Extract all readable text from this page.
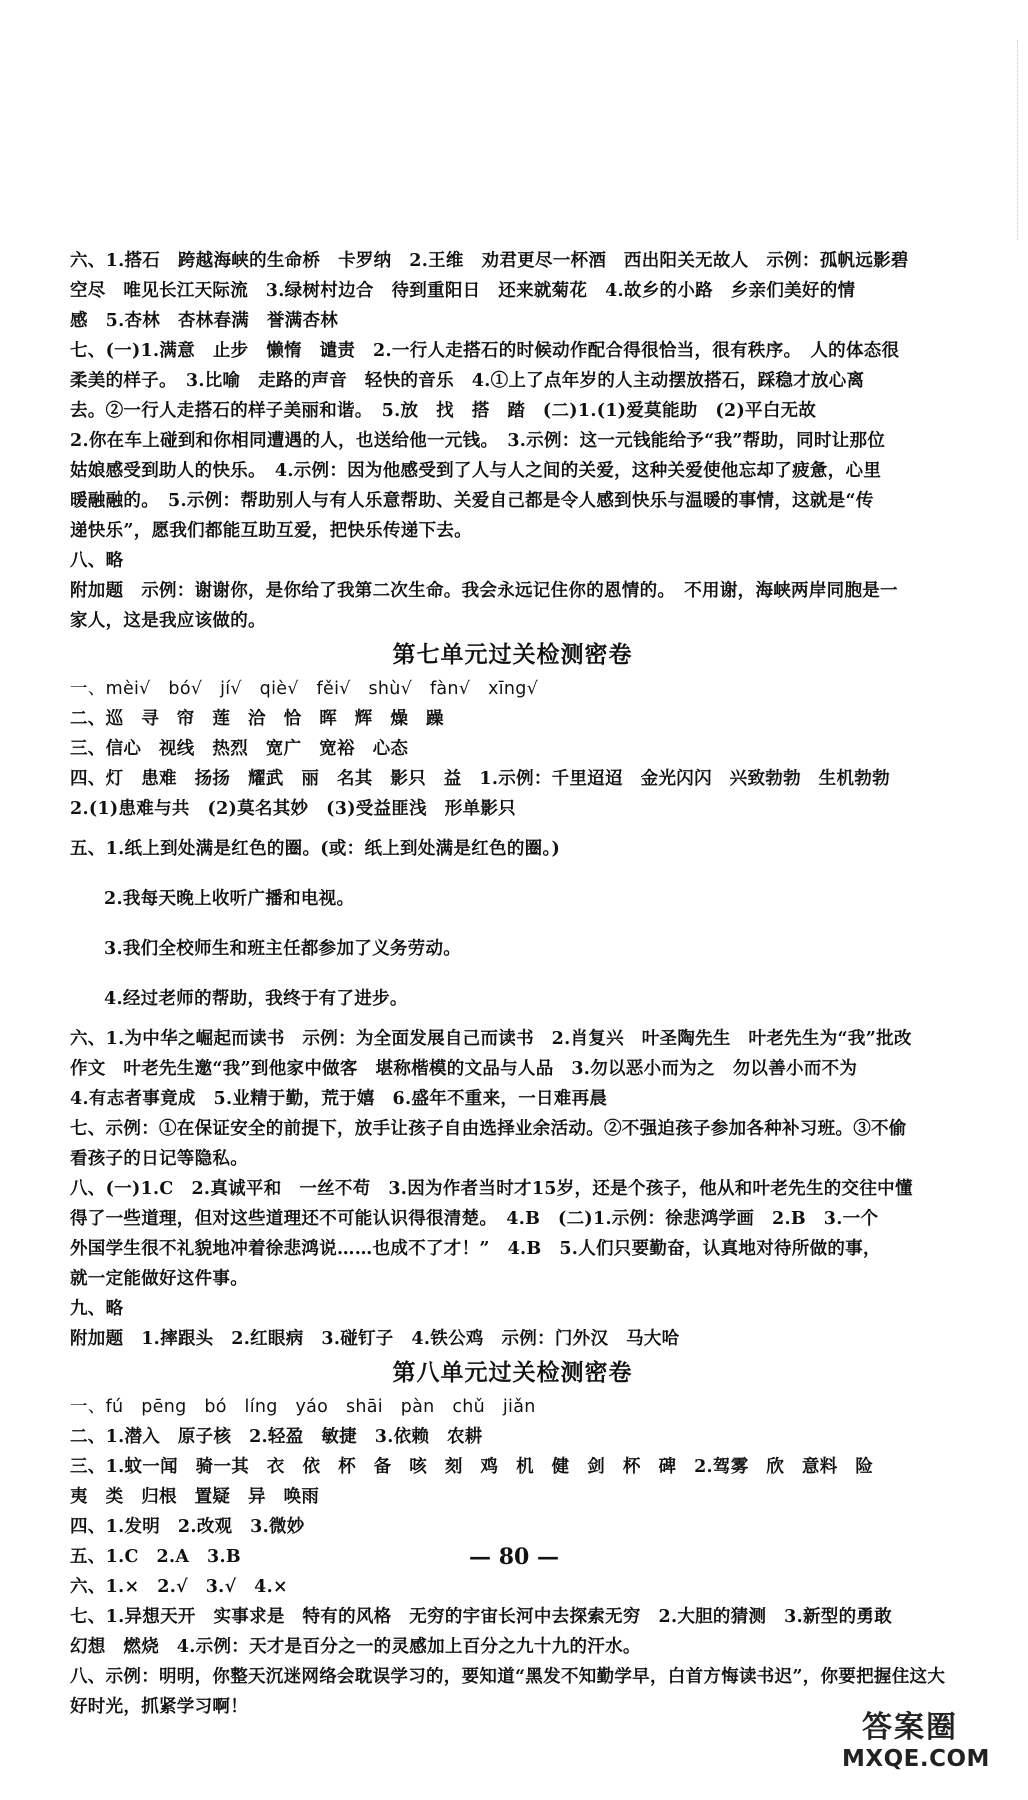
六、1.搭石　跨越海峡的生命桥　卡罗纳　2.王维　劝君更尽一杯酒　西出阳关无故人　示例：孤帆远影碧
空尽　唯见长江天际流　3.绿树村边合　待到重阳日　还来就菊花　4.故乡的小路　乡亲们美好的情
感　5.杏林　杏林春满　誉满杏林
七、(一)1.满意　止步　懒惰　谴责　2.一行人走搭石的时候动作配合得很恰当，很有秩序。　人的体态很
柔美的样子。　3.比喻　走路的声音　轻快的音乐　4.①上了点年岁的人主动摆放搭石，踩稳才放心离
去。②一行人走搭石的样子美丽和谐。　5.放　找　搭　踏　(二)1.(1)爱莫能助　(2)平白无故
2.你在车上碰到和你相同遭遇的人，也送给他一元钱。　3.示例：这一元钱能给予“我”帮助，同时让那位
姑娘感受到助人的快乐。　4.示例：因为他感受到了人与人之间的关爱，这种关爱使他忘却了疲惫，心里
暖融融的。　5.示例：帮助别人与有人乐意帮助、关爱自己都是令人感到快乐与温暖的事情，这就是“传
递快乐”，愿我们都能互助互爱，把快乐传递下去。
八、略
附加题　示例：谢谢你，是你给了我第二次生命。我会永远记住你的恩情的。　不用谢，海峡两岸同胞是一
家人，这是我应该做的。
第七单元过关检测密卷
一、mèi√　bó√　jí√　qiè√　fěi√　shù√　fàn√　xīng√
二、巡　寻　帘　莲　洽　恰　晖　辉　燥　躁
三、信心　视线　热烈　宽广　宽裕　心态
四、灯　患难　扬扬　耀武　丽　名其　影只　益　1.示例：千里迢迢　金光闪闪　兴致勃勃　生机勃勃
2.(1)患难与共　(2)莫名其妙　(3)受益匪浅　形单影只
五、1.纸上到处满是红色的圈。(或：纸上到处满是红色的圈。)
2.我每天晚上收听广播和电视。
3.我们全校师生和班主任都参加了义务劳动。
4.经过老师的帮助，我终于有了进步。
六、1.为中华之崛起而读书　示例：为全面发展自己而读书　2.肖复兴　叶圣陶先生　叶老先生为“我”批改
作文　叶老先生邀“我”到他家中做客　堪称楷模的文品与人品　3.勿以恶小而为之　勿以善小而不为
4.有志者事竟成　5.业精于勤，荒于嬉　6.盛年不重来，一日难再晨
七、示例：①在保证安全的前提下，放手让孩子自由选择业余活动。②不强迫孩子参加各种补习班。③不偷
看孩子的日记等隐私。
八、(一)1.C　2.真诚平和　一丝不苟　3.因为作者当时才15岁，还是个孩子，他从和叶老先生的交往中懂
得了一些道理，但对这些道理还不可能认识得很清楚。　4.B　(二)1.示例：徐悲鸿学画　2.B　3.一个
外国学生很不礼貌地冲着徐悲鸿说……也成不了才！”　4.B　5.人们只要勤奋，认真地对待所做的事，
就一定能做好这件事。
九、略
附加题　1.摔跟头　2.红眼病　3.碰钉子　4.铁公鸡　示例：门外汉　马大哈
第八单元过关检测密卷
一、fú　pēng　bó　líng　yáo　shāi　pàn　chǔ　jiǎn
二、1.潜入　原子核　2.轻盈　敏捷　3.依赖　农耕
三、1.蚊一闻　骑一其　衣　依　杯　备　咳　刻　鸡　机　健　剑　杯　碑　2.驾雾　欣　意料　险
夷　类　归根　置疑　异　唤雨
四、1.发明　2.改观　3.微妙
五、1.C　2.A　3.B
六、1.×　2.√　3.√　4.×
七、1.异想天开　实事求是　特有的风格　无穷的宇宙长河中去探索无穷　2.大胆的猜测　3.新型的勇敢
幻想　燃烧　4.示例：天才是百分之一的灵感加上百分之九十九的汗水。
八、示例：明明，你整天沉迷网络会耽误学习的，要知道“黑发不知勤学早，白首方悔读书迟”，你要把握住这大
好时光，抓紧学习啊！
— 80 —
答案圈
MXQE.COM
